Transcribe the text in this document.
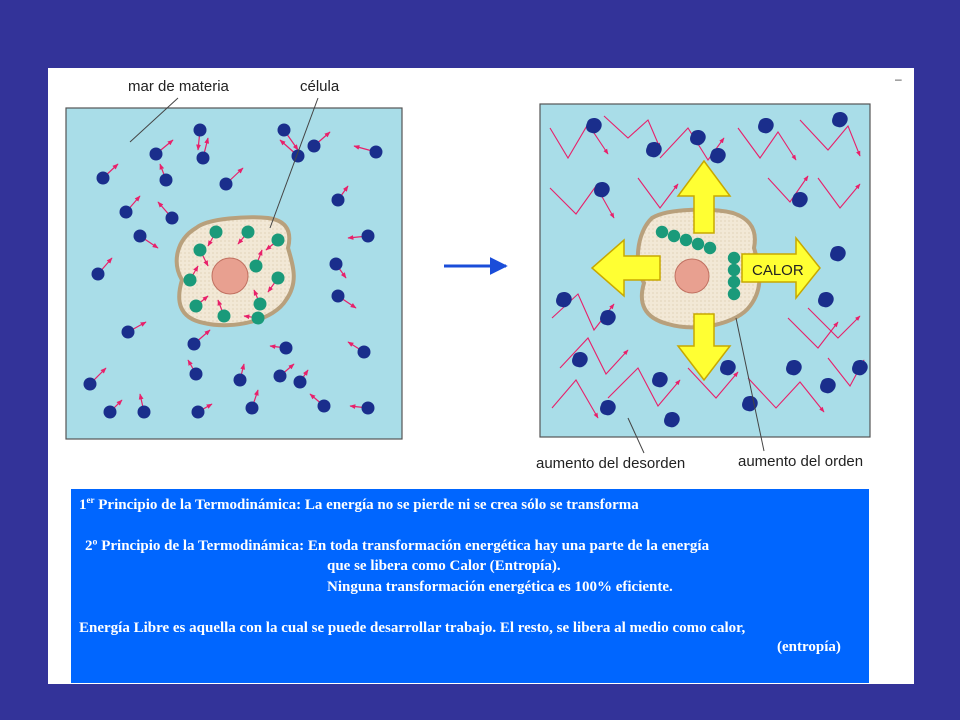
CALOR
mar de materia	célula
aumento del desorden	aumento del orden
–
1er Principio de la Termodinámica: La energía no se pierde ni se crea sólo se transforma
2º Principio de la Termodinámica: En toda transformación energética hay una parte de la energía
que se libera como Calor (Entropía).
Ninguna transformación energética es 100% eficiente.
Energía Libre es aquella con la cual se puede desarrollar trabajo. El resto, se libera al medio como calor,
(entropía)
